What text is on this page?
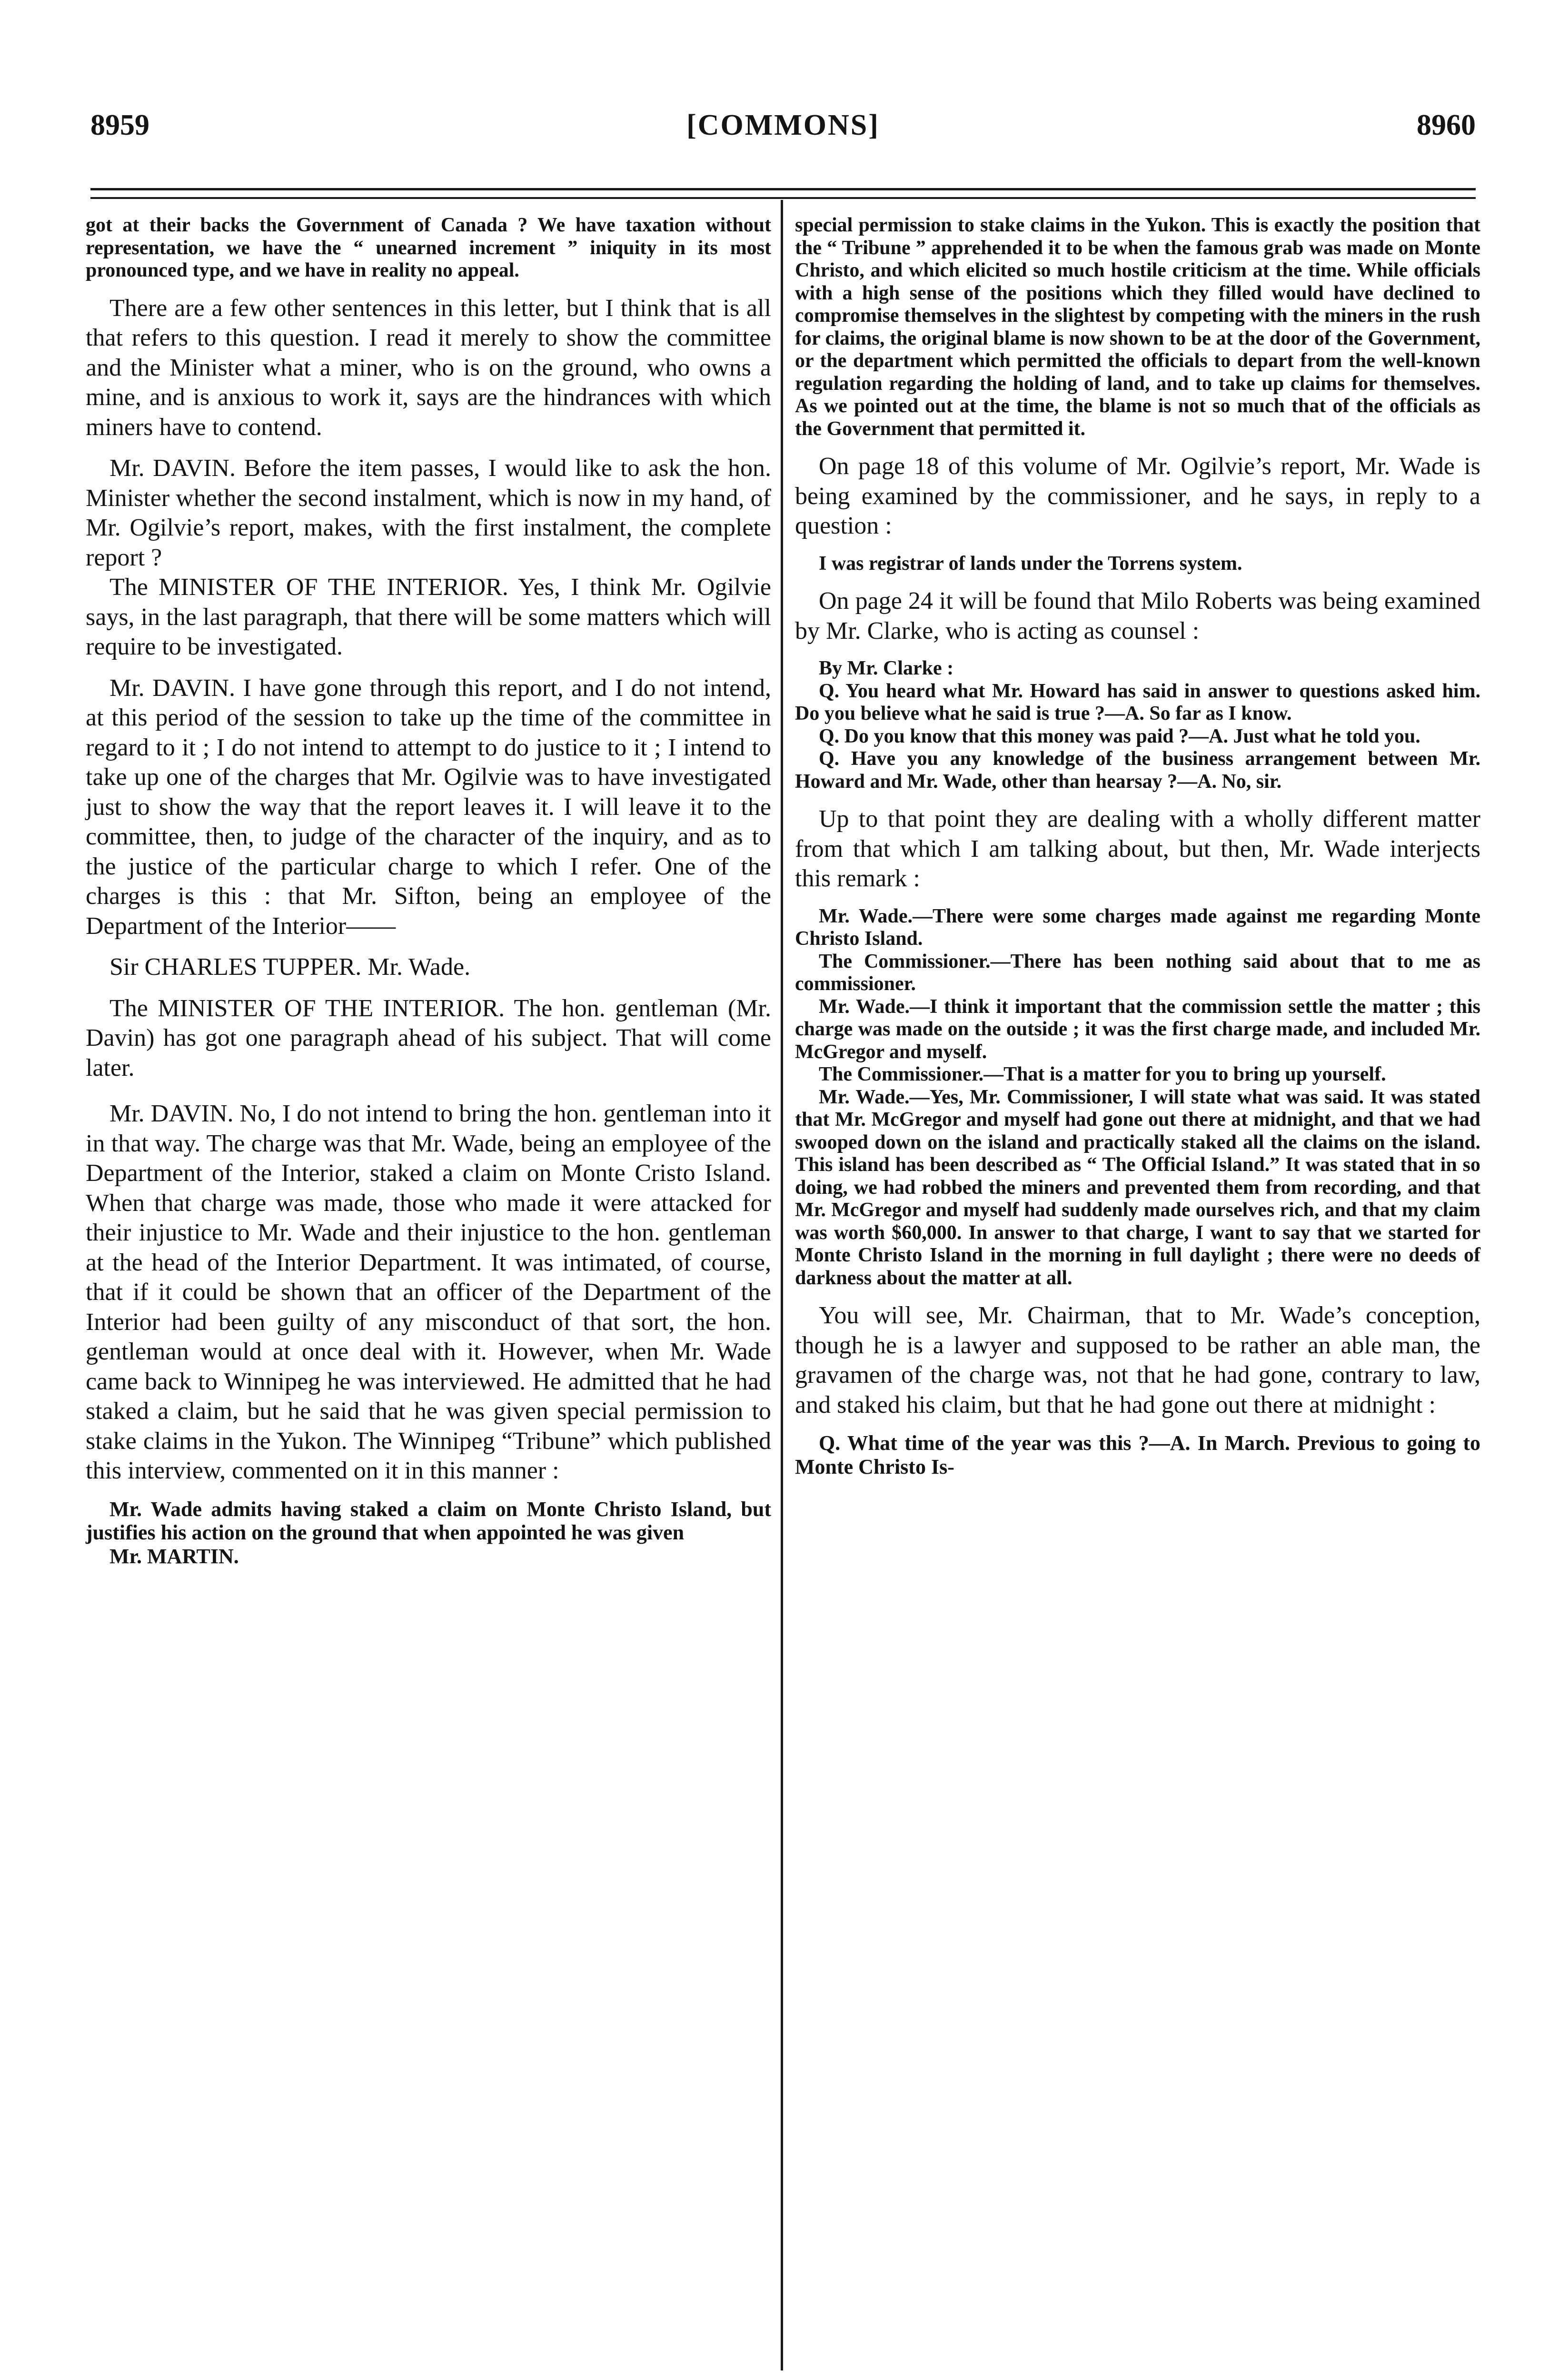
8959	[COMMONS]	8960

got at their backs the Government of Canada ? We have taxation without representation, we have the “ unearned increment ” iniquity in its most pronounced type, and we have in reality no appeal.

There are a few other sentences in this letter, but I think that is all that refers to this question. I read it merely to show the committee and the Minister what a miner, who is on the ground, who owns a mine, and is anxious to work it, says are the hindrances with which miners have to contend.

Mr. DAVIN. Before the item passes, I would like to ask the hon. Minister whether the second instalment, which is now in my hand, of Mr. Ogilvie’s report, makes, with the first instalment, the complete report ?

The MINISTER OF THE INTERIOR. Yes, I think Mr. Ogilvie says, in the last paragraph, that there will be some matters which will require to be investigated.

Mr. DAVIN. I have gone through this report, and I do not intend, at this period of the session to take up the time of the committee in regard to it ; I do not intend to attempt to do justice to it ; I intend to take up one of the charges that Mr. Ogilvie was to have investigated just to show the way that the report leaves it. I will leave it to the committee, then, to judge of the character of the inquiry, and as to the justice of the particular charge to which I refer. One of the charges is this : that Mr. Sifton, being an employee of the Department of the Interior——

Sir CHARLES TUPPER. Mr. Wade.

The MINISTER OF THE INTERIOR. The hon. gentleman (Mr. Davin) has got one paragraph ahead of his subject. That will come later.

Mr. DAVIN. No, I do not intend to bring the hon. gentleman into it in that way. The charge was that Mr. Wade, being an employee of the Department of the Interior, staked a claim on Monte Cristo Island. When that charge was made, those who made it were attacked for their injustice to Mr. Wade and their injustice to the hon. gentleman at the head of the Interior Department. It was intimated, of course, that if it could be shown that an officer of the Department of the Interior had been guilty of any misconduct of that sort, the hon. gentleman would at once deal with it. However, when Mr. Wade came back to Winnipeg he was interviewed. He admitted that he had staked a claim, but he said that he was given special permission to stake claims in the Yukon. The Winnipeg “Tribune” which published this interview, commented on it in this manner :

Mr. Wade admits having staked a claim on Monte Christo Island, but justifies his action on the ground that when appointed he was given

Mr. MARTIN.

special permission to stake claims in the Yukon. This is exactly the position that the “ Tribune ” apprehended it to be when the famous grab was made on Monte Christo, and which elicited so much hostile criticism at the time. While officials with a high sense of the positions which they filled would have declined to compromise themselves in the slightest by competing with the miners in the rush for claims, the original blame is now shown to be at the door of the Government, or the department which permitted the officials to depart from the well-known regulation regarding the holding of land, and to take up claims for themselves. As we pointed out at the time, the blame is not so much that of the officials as the Government that permitted it.

On page 18 of this volume of Mr. Ogilvie’s report, Mr. Wade is being examined by the commissioner, and he says, in reply to a question :

I was registrar of lands under the Torrens system.

On page 24 it will be found that Milo Roberts was being examined by Mr. Clarke, who is acting as counsel :

By Mr. Clarke :

Q. You heard what Mr. Howard has said in answer to questions asked him. Do you believe what he said is true ?—A. So far as I know.

Q. Do you know that this money was paid ?—A. Just what he told you.

Q. Have you any knowledge of the business arrangement between Mr. Howard and Mr. Wade, other than hearsay ?—A. No, sir.

Up to that point they are dealing with a wholly different matter from that which I am talking about, but then, Mr. Wade interjects this remark :

Mr. Wade.—There were some charges made against me regarding Monte Christo Island.

The Commissioner.—There has been nothing said about that to me as commissioner.

Mr. Wade.—I think it important that the commission settle the matter ; this charge was made on the outside ; it was the first charge made, and included Mr. McGregor and myself.

The Commissioner.—That is a matter for you to bring up yourself.

Mr. Wade.—Yes, Mr. Commissioner, I will state what was said. It was stated that Mr. McGregor and myself had gone out there at midnight, and that we had swooped down on the island and practically staked all the claims on the island. This island has been described as “ The Official Island.” It was stated that in so doing, we had robbed the miners and prevented them from recording, and that Mr. McGregor and myself had suddenly made ourselves rich, and that my claim was worth $60,000. In answer to that charge, I want to say that we started for Monte Christo Island in the morning in full daylight ; there were no deeds of darkness about the matter at all.

You will see, Mr. Chairman, that to Mr. Wade’s conception, though he is a lawyer and supposed to be rather an able man, the gravamen of the charge was, not that he had gone, contrary to law, and staked his claim, but that he had gone out there at midnight :

Q. What time of the year was this ?—A. In March. Previous to going to Monte Christo Is-
